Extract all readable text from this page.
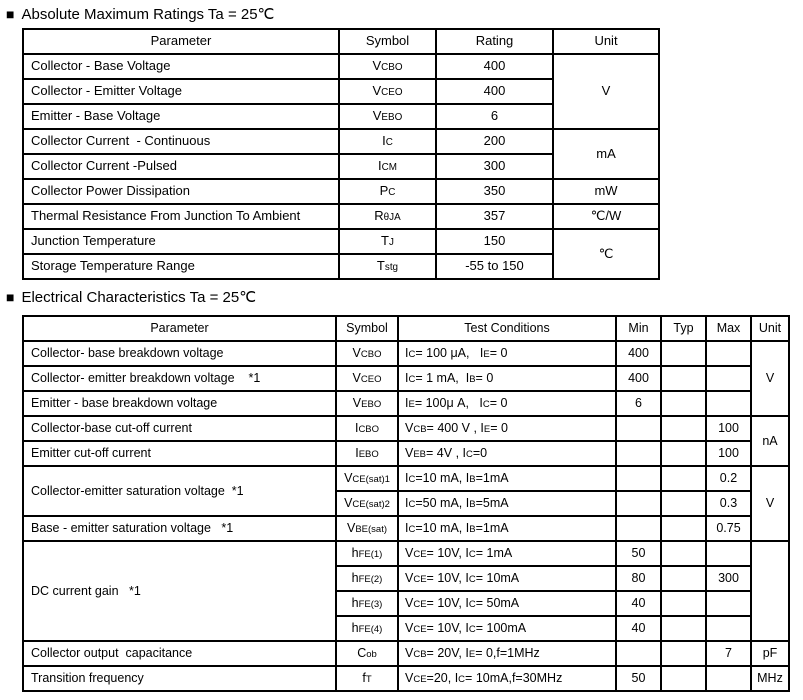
■ Absolute Maximum Ratings Ta = 25℃
Parameter	Symbol	Rating	Unit
Collector - Base Voltage	VCBO	400	V
Collector - Emitter Voltage	VCEO	400	
Emitter - Base Voltage	VEBO	6	
Collector Current  - Continuous	IC	200	mA
Collector Current -Pulsed	ICM	300	
Collector Power Dissipation	PC	350	mW
Thermal Resistance From Junction To Ambient	RθJA	357	℃/W
Junction Temperature	TJ	150	℃
Storage Temperature Range	Tstg	-55 to 150	
■ Electrical Characteristics Ta = 25℃
Parameter	Symbol	Test Conditions	Min	Typ	Max	Unit
Collector- base breakdown voltage	VCBO	IC= 100 μA,   IE= 0	400			V
Collector- emitter breakdown voltage    *1	VCEO	IC= 1 mA,  IB= 0	400			
Emitter - base breakdown voltage	VEBO	IE= 100μ A,   IC= 0	6			
Collector-base cut-off current	ICBO	VCB= 400 V , IE= 0			100	nA
Emitter cut-off current	IEBO	VEB= 4V , IC=0			100	
Collector-emitter saturation voltage  *1	VCE(sat)1	IC=10 mA, IB=1mA			0.2	V
	VCE(sat)2	IC=50 mA, IB=5mA			0.3	
Base - emitter saturation voltage   *1	VBE(sat)	IC=10 mA, IB=1mA			0.75	
DC current gain   *1	hFE(1)	VCE= 10V, IC= 1mA	50			
	hFE(2)	VCE= 10V, IC= 10mA	80		300	
	hFE(3)	VCE= 10V, IC= 50mA	40			
	hFE(4)	VCE= 10V, IC= 100mA	40			
Collector output  capacitance	Cob	VCB= 20V, IE= 0,f=1MHz			7	pF
Transition frequency	fT	VCE=20, IC= 10mA,f=30MHz	50			MHz
